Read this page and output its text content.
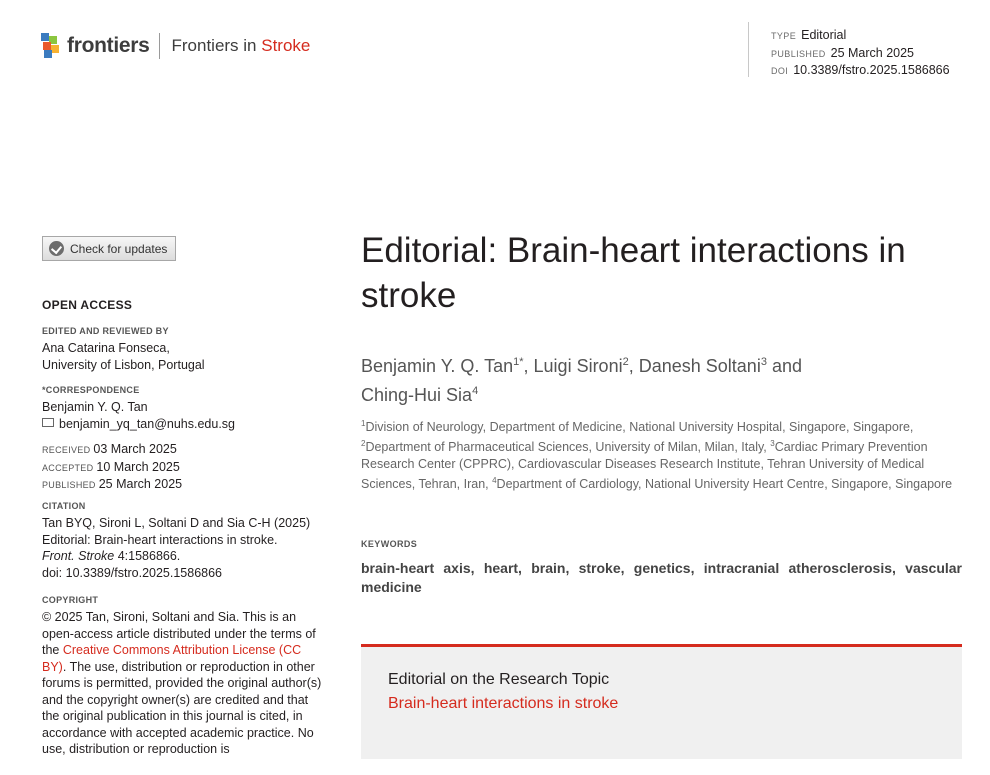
frontiers Frontiers in Stroke	TYPE Editorial
PUBLISHED 25 March 2025
DOI 10.3389/fstro.2025.1586866
Check for updates
OPEN ACCESS
EDITED AND REVIEWED BY
Ana Catarina Fonseca,
University of Lisbon, Portugal
*CORRESPONDENCE
Benjamin Y. Q. Tan
benjamin_yq_tan@nuhs.edu.sg
RECEIVED 03 March 2025
ACCEPTED 10 March 2025
PUBLISHED 25 March 2025
CITATION
Tan BYQ, Sironi L, Soltani D and Sia C-H (2025)
Editorial: Brain-heart interactions in stroke.
Front. Stroke 4:1586866.
doi: 10.3389/fstro.2025.1586866
COPYRIGHT
© 2025 Tan, Sironi, Soltani and Sia. This is an open-access article distributed under the terms of the Creative Commons Attribution License (CC BY). The use, distribution or reproduction in other forums is permitted, provided the original author(s) and the copyright owner(s) are credited and that the original publication in this journal is cited, in accordance with accepted academic practice. No use, distribution or reproduction is
Editorial: Brain-heart interactions in stroke
Benjamin Y. Q. Tan$^{1*}$, Luigi Sironi$^2$, Danesh Soltani$^3$ and
Ching-Hui Sia$^4$
$^1$Division of Neurology, Department of Medicine, National University Hospital, Singapore, Singapore, $^2$Department of Pharmaceutical Sciences, University of Milan, Milan, Italy, $^3$Cardiac Primary Prevention Research Center (CPPRC), Cardiovascular Diseases Research Institute, Tehran University of Medical Sciences, Tehran, Iran, $^4$Department of Cardiology, National University Heart Centre, Singapore, Singapore
KEYWORDS
brain-heart axis, heart, brain, stroke, genetics, intracranial atherosclerosis, vascular medicine
Editorial on the Research Topic
Brain-heart interactions in stroke
